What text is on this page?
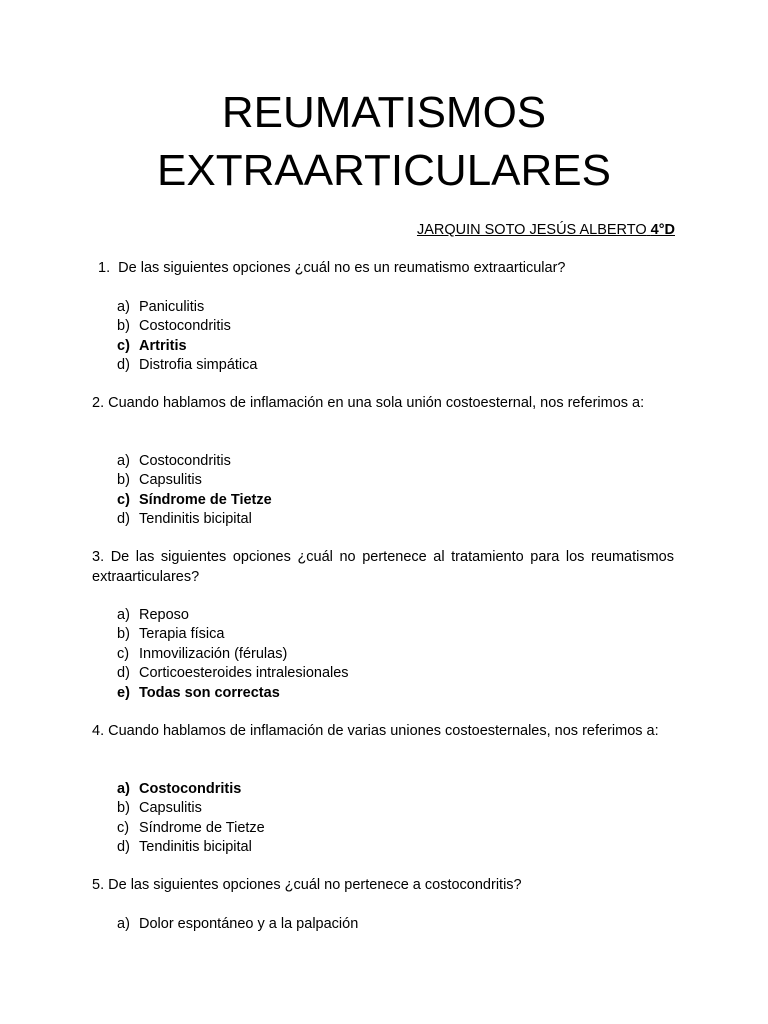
REUMATISMOS
EXTRAARTICULARES
JARQUIN SOTO JESÚS ALBERTO 4°D

1. De las siguientes opciones ¿cuál no es un reumatismo extraarticular?

a) Paniculitis
b) Costocondritis
c) Artritis
d) Distrofia simpática

2. Cuando hablamos de inflamación en una sola unión costoesternal, nos referimos a:

a) Costocondritis
b) Capsulitis
c) Síndrome de Tietze
d) Tendinitis bicipital

3. De las siguientes opciones ¿cuál no pertenece al tratamiento para los reumatismos extraarticulares?

a) Reposo
b) Terapia física
c) Inmovilización (férulas)
d) Corticoesteroides intralesionales
e) Todas son correctas

4. Cuando hablamos de inflamación de varias uniones costoesternales, nos referimos a:

a) Costocondritis
b) Capsulitis
c) Síndrome de Tietze
d) Tendinitis bicipital

5. De las siguientes opciones ¿cuál no pertenece a costocondritis?

a) Dolor espontáneo y a la palpación
